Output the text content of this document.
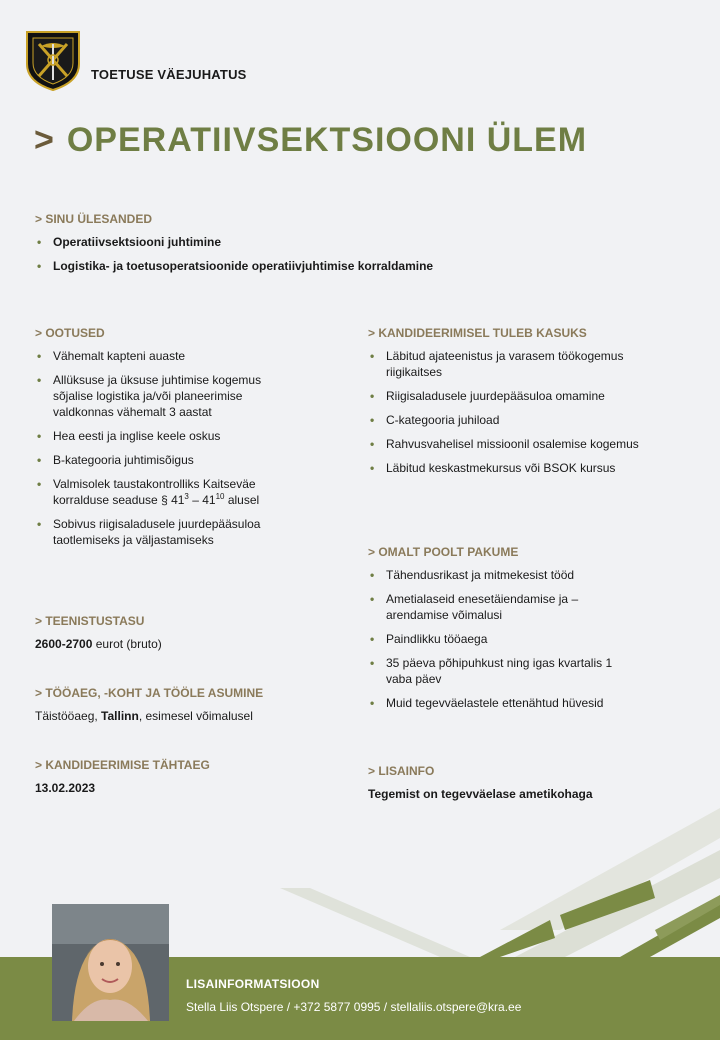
TOETUSE VÄEJUHATUS
> OPERATIIVSEKTSIOONI ÜLEM
> SINU ÜLESANDED
• Operatiivsektsiooni juhtimine
• Logistika- ja toetusoperatsioonide operatiivjuhtimise korraldamine
> OOTUSED
• Vähemalt kapteni auaste
• Allüksuse ja üksuse juhtimise kogemus sõjalise logistika ja/või planeerimise valdkonnas vähemalt 3 aastat
• Hea eesti ja inglise keele oskus
• B-kategooria juhtimisõigus
• Valmisolek taustakontrolliks Kaitseväe korralduse seaduse § $41^3 - 41^{10}$ alusel
• Sobivus riigisaladusele juurdepääsuloa taotlemiseks ja väljastamiseks
> KANDIDEERIMISEL TULEB KASUKS
• Läbitud ajateenistus ja varasem töökogemus riigikaitses
• Riigisaladusele juurdepääsuloa omamine
• C-kategooria juhiload
• Rahvusvahelisel missioonil osalemise kogemus
• Läbitud keskastmekursus või BSOK kursus
> OMALT POOLT PAKUME
• Tähendusrikast ja mitmekesist tööd
• Ametialaseid enesetäiendamise ja –arendamise võimalusi
• Paindlikku tööaega
• 35 päeva põhipuhkust ning igas kvartalis 1 vaba päev
• Muid tegevväelastele ettenähtud hüvesid
> TEENISTUSTASU
2600-2700 eurot (bruto)
> TÖÖAEG, -KOHT JA TÖÖLE ASUMINE
Täistööaeg, Tallinn, esimesel võimalusel
> KANDIDEERIMISE TÄHTAEG
13.02.2023
> LISAINFO
Tegemist on tegevväelase ametikohaga
LISAINFORMATSIOON
Stella Liis Otspere / +372 5877 0995 / stellaliis.otspere@kra.ee
